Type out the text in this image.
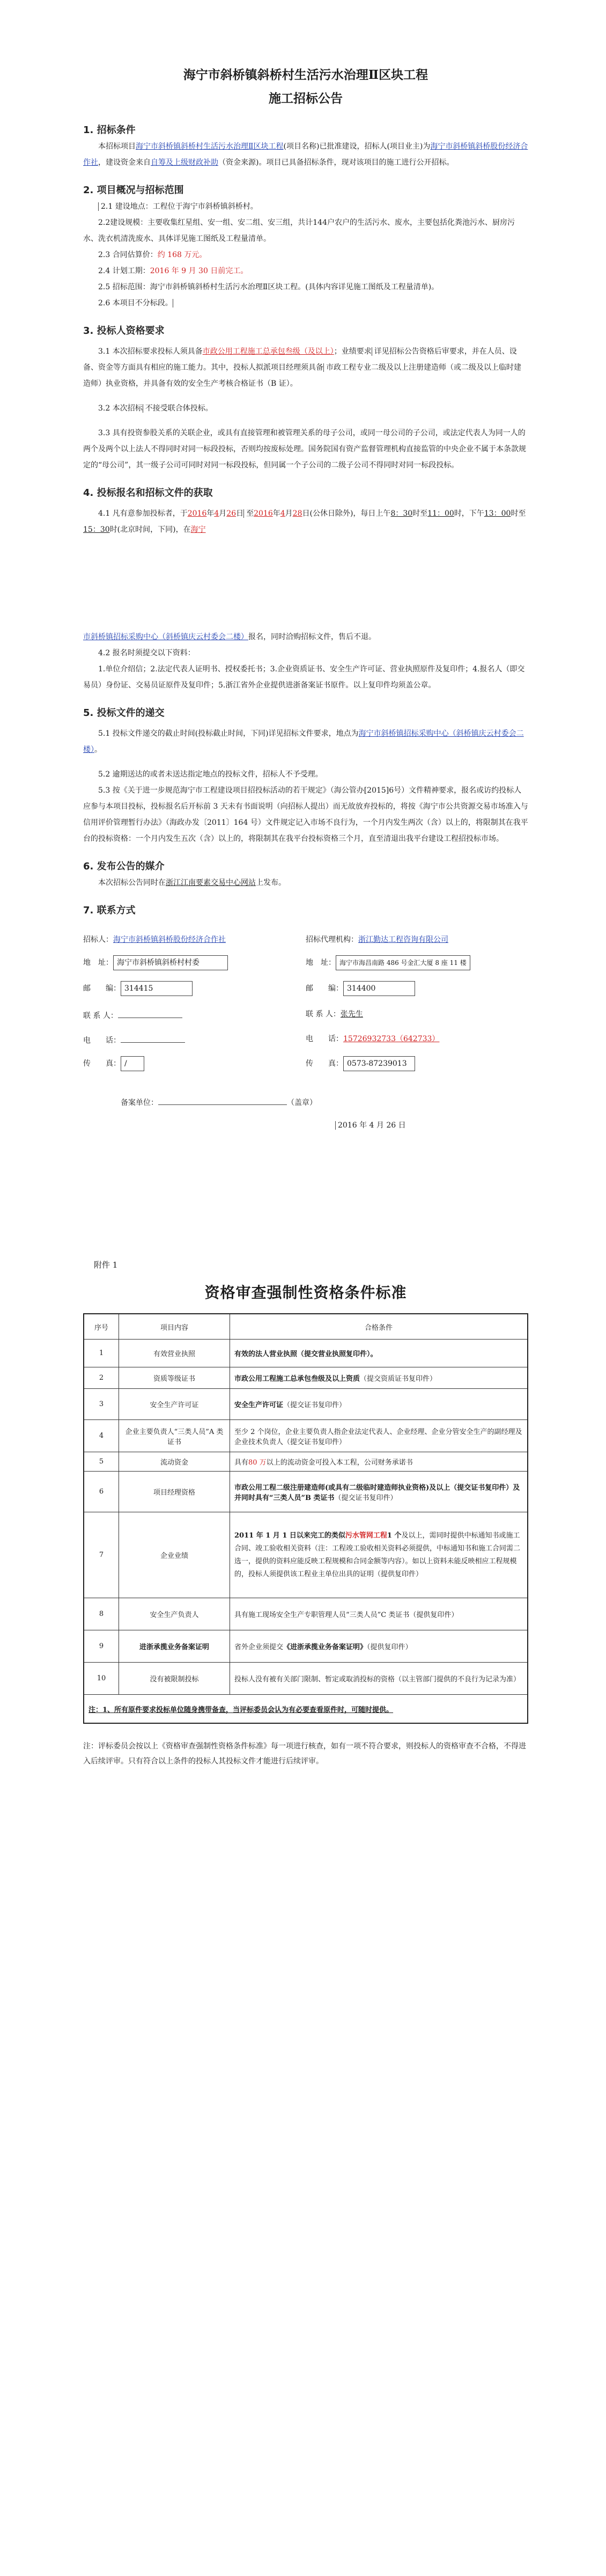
海宁市斜桥镇斜桥村生活污水治理Ⅱ区块工程
施工招标公告
1. 招标条件

本招标项目海宁市斜桥镇斜桥村生活污水治理Ⅱ区块工程(项目名称)已批准建设，招标人(项目业主)为海宁市斜桥镇斜桥股份经济合作社，建设资金来自自筹及上级财政补助（资金来源)。项目已具备招标条件，现对该项目的施工进行公开招标。

2. 项目概况与招标范围

2.1 建设地点：工程位于海宁市斜桥镇斜桥村。

2.2建设规模：主要收集红星组、安一组、安二组、安三组，共计144户农户的生活污水、废水，主要包括化粪池污水、厨房污水、洗衣机清洗废水、具体详见施工图纸及工程量清单。

2.3 合同估算价：约 168 万元。

2.4 计划工期：2016 年 9 月 30 日前完工。

2.5 招标范围：海宁市斜桥镇斜桥村生活污水治理Ⅱ区块工程。(具体内容详见施工图纸及工程量清单)。

2.6 本项目不分标段。

3. 投标人资格要求

3.1 本次招标要求投标人须具备市政公用工程施工总承包叁级（及以上）；业绩要求 详见招标公告资格后审要求，并在人员、设备、资金等方面具有相应的施工能力。其中，投标人拟派项目经理须具备 市政工程专业二级及以上注册建造师（或二级及以上临时建造师）执业资格，并具备有效的安全生产考核合格证书（B 证）。

3.2 本次招标 不接受联合体投标。

3.3 具有投资参股关系的关联企业，或具有直接管理和被管理关系的母子公司，或同一母公司的子公司，或法定代表人为同一人的两个及两个以上法人不得同时对同一标段投标，否则均按废标处理。国务院国有资产监督管理机构直接监管的中央企业不属于本条款规定的“母公司”，其一级子公司可同时对同一标段投标，但同属一个子公司的二级子公司不得同时对同一标段投标。

4. 投标报名和招标文件的获取

4.1 凡有意参加投标者，于2016年4月26日 至2016年4月28日(公休日除外)，每日上午8：30时至11：00时，下午13：00时至15：30时(北京时间，下同)，在海宁

市斜桥镇招标采购中心（斜桥镇庆云村委会二楼）报名，同时洽购招标文件，售后不退。

4.2 报名时须提交以下资料：

1.单位介绍信；2.法定代表人证明书、授权委托书；3.企业资质证书、安全生产许可证、营业执照原件及复印件；4.报名人（即交易员）身份证、交易员证原件及复印件；5.浙江省外企业提供进浙备案证书原件。以上复印件均须盖公章。

5. 投标文件的递交

5.1 投标文件递交的截止时间(投标截止时间，下同)详见招标文件要求，地点为海宁市斜桥镇招标采购中心（斜桥镇庆云村委会二楼）。

5.2 逾期送达的或者未送达指定地点的投标文件，招标人不予受理。

5.3 按《关于进一步规范海宁市工程建设项目招投标活动的若干规定》（海公管办[2015]6号）文件精神要求，报名或访约投标人应参与本项目投标，投标报名后开标前 3 天未有书面说明（向招标人提出）而无故放弃投标的，将按《海宁市公共资源交易市场准入与信用评价管理暂行办法》（海政办发〔2011〕164 号）文件规定记入市场不良行为，一个月内发生两次（含）以上的，将限制其在我平台的投标资格：一个月内发生五次（含）以上的，将限制其在我平台投标资格三个月，直至清退出我平台建设工程招投标市场。

6. 发布公告的媒介

本次招标公告同时在浙江江南要素交易中心网站上发布。

7. 联系方式
招标人：海宁市斜桥镇斜桥股份经济合作社	招标代理机构：浙江勤达工程咨询有限公司
地　址： 海宁市斜桥镇斜桥村村委	地　址： 海宁市海昌南路 486 号金汇大厦 8 座 11 楼
邮　　编： 314415	邮　　编： 314400
联 系 人：	联 系 人：张先生
电　　话：	电　　话：15726932733（642733）
传　　真： /	传　　真： 0573-87239013
备案单位：	（盖章）
2016 年 4 月 26 日
附件 1
资格审查强制性资格条件标准
序号	项目内容	合格条件
1	有效营业执照	有效的法人营业执照（提交营业执照复印件）。
2	资质等级证书	市政公用工程施工总承包叁级及以上资质（提交资质证书复印件）
3	安全生产许可证	安全生产许可证（提交证书复印件）
4	企业主要负责人“三类人员”A 类证书	至少 2 个岗位，企业主要负责人指企业法定代表人、企业经理、企业分管安全生产的副经理及企业技术负责人（提交证书复印件）
5	流动资金	具有80 万以上的流动资金可投入本工程，公司财务承诺书
6	项目经理资格	市政公用工程二级注册建造师(或具有二级临时建造师执业资格)及以上（提交证书复印件）及并同时具有“三类人员”B 类证书（提交证书复印件）
7	企业业绩	2011 年 1 月 1 日以来完工的类似污水管网工程1 个及以上，需同时提供中标通知书或施工合同、竣工验收相关资料（注：工程竣工验收相关资料必须提供，中标通知书和施工合同需二选一，提供的资料应能反映工程规模和合同金额等内容）。如以上资料未能反映相应工程规模的，投标人须提供该工程业主单位出具的证明（提供复印件）
8	安全生产负责人	具有施工现场安全生产专职管理人员“三类人员”C 类证书（提供复印件）
9	进浙承揽业务备案证明	省外企业须提交《进浙承揽业务备案证明》（提供复印件）
10	没有被限制投标	投标人没有被有关部门限制、暂定或取消投标的资格（以主管部门提供的不良行为记录为准）
注：1、所有原件要求投标单位随身携带备查，当评标委员会认为有必要查看原件时，可随时提供。		

注：评标委员会按以上《资格审查强制性资格条件标准》每一项进行核查，如有一项不符合要求，则投标人的资格审查不合格，不得进入后续评审。只有符合以上条件的投标人其投标文件才能进行后续评审。
